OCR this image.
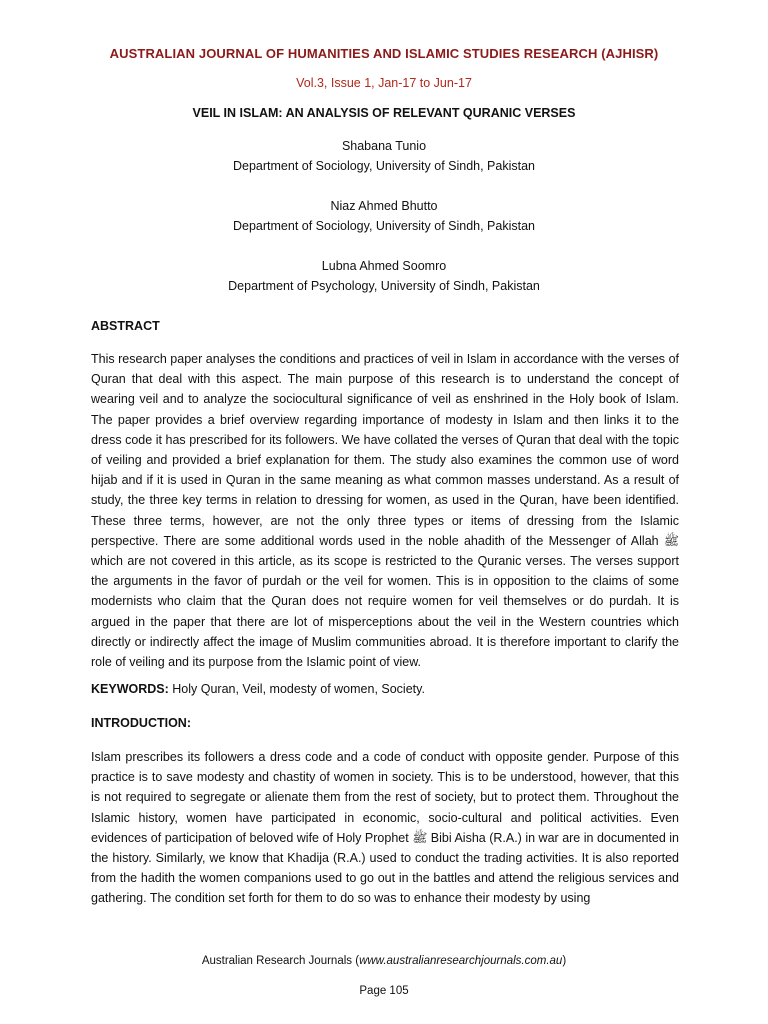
AUSTRALIAN JOURNAL OF HUMANITIES AND ISLAMIC STUDIES RESEARCH (AJHISR)
Vol.3, Issue 1, Jan-17 to Jun-17
VEIL IN ISLAM: AN ANALYSIS OF RELEVANT QURANIC VERSES
Shabana Tunio
Department of Sociology, University of Sindh, Pakistan
Niaz Ahmed Bhutto
Department of Sociology, University of Sindh, Pakistan
Lubna Ahmed Soomro
Department of Psychology, University of Sindh, Pakistan
ABSTRACT
This research paper analyses the conditions and practices of veil in Islam in accordance with the verses of Quran that deal with this aspect. The main purpose of this research is to understand the concept of wearing veil and to analyze the sociocultural significance of veil as enshrined in the Holy book of Islam. The paper provides a brief overview regarding importance of modesty in Islam and then links it to the dress code it has prescribed for its followers. We have collated the verses of Quran that deal with the topic of veiling and provided a brief explanation for them. The study also examines the common use of word hijab and if it is used in Quran in the same meaning as what common masses understand. As a result of study, the three key terms in relation to dressing for women, as used in the Quran, have been identified. These three terms, however, are not the only three types or items of dressing from the Islamic perspective. There are some additional words used in the noble ahadith of the Messenger of Allah ﷺ which are not covered in this article, as its scope is restricted to the Quranic verses. The verses support the arguments in the favor of purdah or the veil for women. This is in opposition to the claims of some modernists who claim that the Quran does not require women for veil themselves or do purdah. It is argued in the paper that there are lot of misperceptions about the veil in the Western countries which directly or indirectly affect the image of Muslim communities abroad. It is therefore important to clarify the role of veiling and its purpose from the Islamic point of view.
KEYWORDS: Holy Quran, Veil, modesty of women, Society.
INTRODUCTION:
Islam prescribes its followers a dress code and a code of conduct with opposite gender. Purpose of this practice is to save modesty and chastity of women in society. This is to be understood, however, that this is not required to segregate or alienate them from the rest of society, but to protect them. Throughout the Islamic history, women have participated in economic, socio-cultural and political activities. Even evidences of participation of beloved wife of Holy Prophet ﷺ Bibi Aisha (R.A.) in war are in documented in the history. Similarly, we know that Khadija (R.A.) used to conduct the trading activities. It is also reported from the hadith the women companions used to go out in the battles and attend the religious services and gathering. The condition set forth for them to do so was to enhance their modesty by using
Australian Research Journals (www.australianresearchjournals.com.au)
Page 105
